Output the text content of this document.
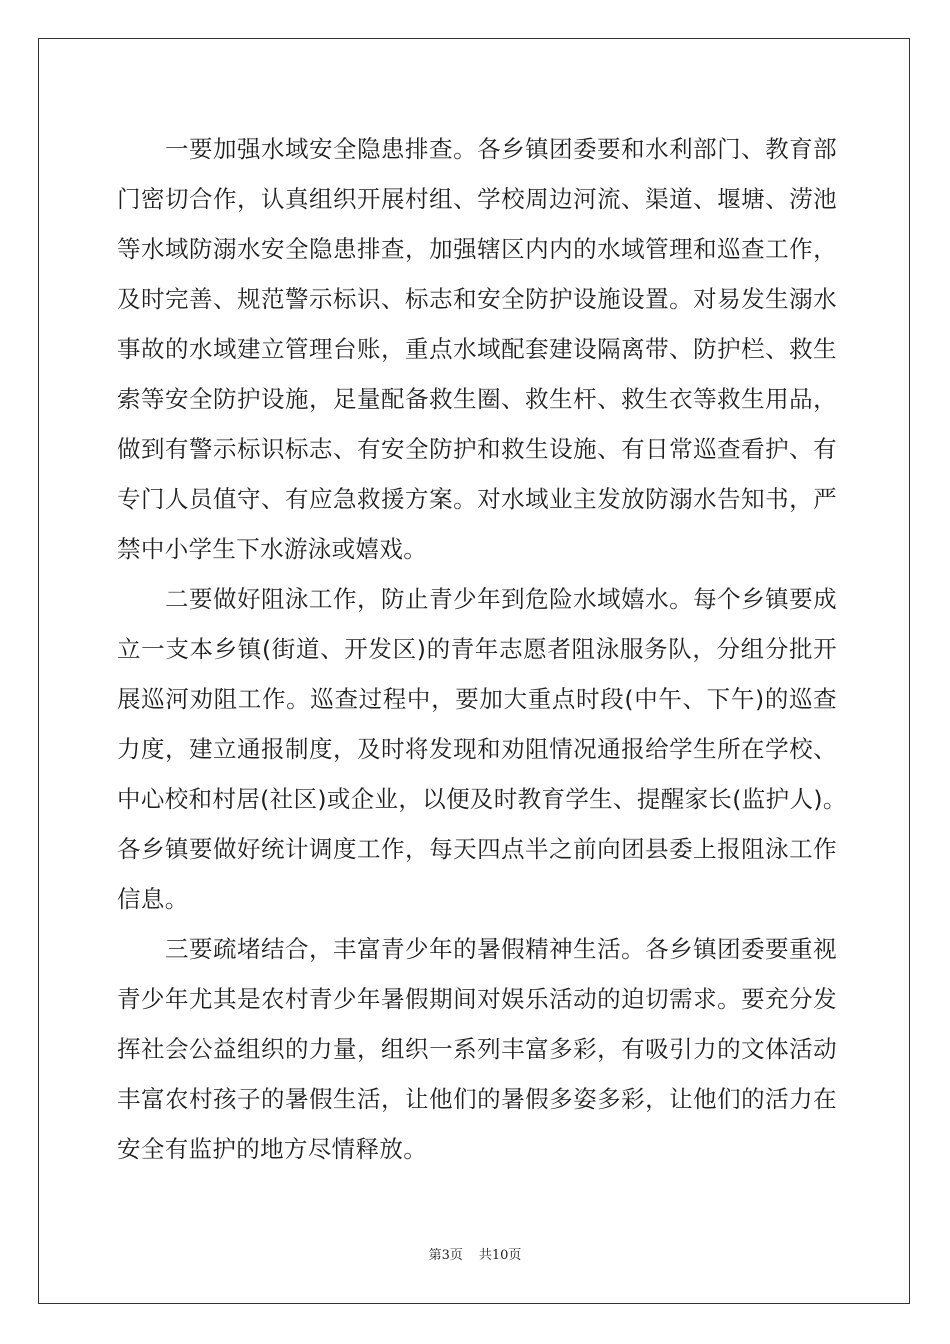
　　一要加强水域安全隐患排查。各乡镇团委要和水利部门、教育部
门密切合作，认真组织开展村组、学校周边河流、渠道、堰塘、涝池
等水域防溺水安全隐患排查，加强辖区内内的水域管理和巡查工作，
及时完善、规范警示标识、标志和安全防护设施设置。对易发生溺水
事故的水域建立管理台账，重点水域配套建设隔离带、防护栏、救生
索等安全防护设施，足量配备救生圈、救生杆、救生衣等救生用品，
做到有警示标识标志、有安全防护和救生设施、有日常巡查看护、有
专门人员值守、有应急救援方案。对水域业主发放防溺水告知书，严
禁中小学生下水游泳或嬉戏。
　　二要做好阻泳工作，防止青少年到危险水域嬉水。每个乡镇要成
立一支本乡镇(街道、开发区)的青年志愿者阻泳服务队，分组分批开
展巡河劝阻工作。巡查过程中，要加大重点时段(中午、下午)的巡查
力度，建立通报制度，及时将发现和劝阻情况通报给学生所在学校、
中心校和村居(社区)或企业，以便及时教育学生、提醒家长(监护人)。
各乡镇要做好统计调度工作，每天四点半之前向团县委上报阻泳工作
信息。
　　三要疏堵结合，丰富青少年的暑假精神生活。各乡镇团委要重视
青少年尤其是农村青少年暑假期间对娱乐活动的迫切需求。要充分发
挥社会公益组织的力量，组织一系列丰富多彩，有吸引力的文体活动
丰富农村孩子的暑假生活，让他们的暑假多姿多彩，让他们的活力在
安全有监护的地方尽情释放。
第3页 共10页
